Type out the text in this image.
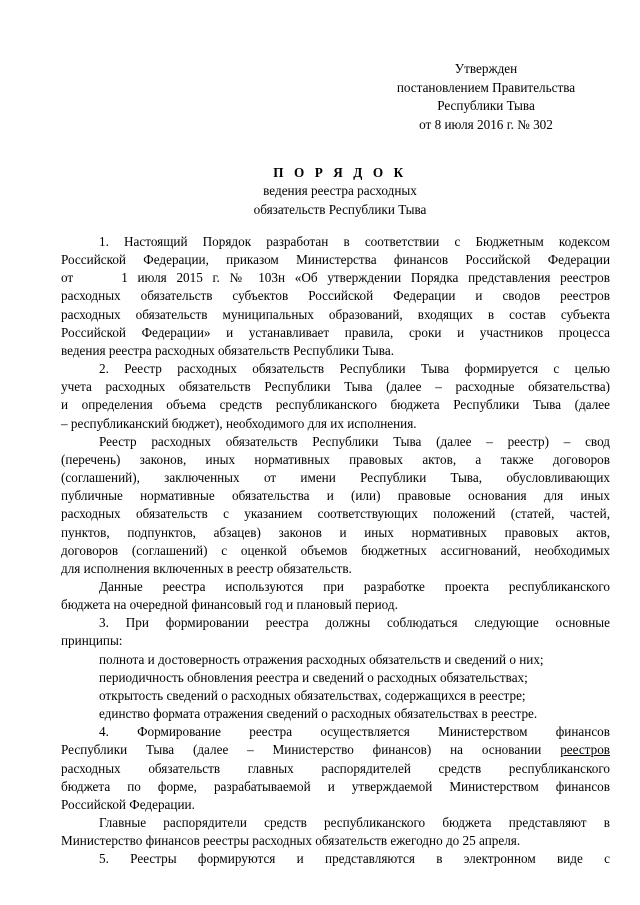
Утвержден
постановлением Правительства
Республики Тыва
от 8 июля 2016 г. № 302
П О Р Я Д О К
ведения реестра расходных
обязательств Республики Тыва
1. Настоящий Порядок разработан в соответствии с Бюджетным кодексом
Российской Федерации, приказом Министерства финансов Российской Федерации
от	1 июля 2015 г. № 103н «Об утверждении Порядка представления реестров
расходных обязательств субъектов Российской Федерации и сводов реестров
расходных обязательств муниципальных образований, входящих в состав субъекта
Российской Федерации» и устанавливает правила, сроки и участников процесса
ведения реестра расходных обязательств Республики Тыва.
2. Реестр расходных обязательств Республики Тыва формируется с целью
учета расходных обязательств Республики Тыва (далее – расходные обязательства)
и определения объема средств республиканского бюджета Республики Тыва (далее
– республиканский бюджет), необходимого для их исполнения.
Реестр расходных обязательств Республики Тыва (далее – реестр) – свод
(перечень) законов, иных нормативных правовых актов, а также договоров
(соглашений), заключенных от имени Республики Тыва, обусловливающих
публичные нормативные обязательства и (или) правовые основания для иных
расходных обязательств с указанием соответствующих положений (статей, частей,
пунктов, подпунктов, абзацев) законов и иных нормативных правовых актов,
договоров (соглашений) с оценкой объемов бюджетных ассигнований, необходимых
для исполнения включенных в реестр обязательств.
Данные реестра используются при разработке проекта республиканского
бюджета на очередной финансовый год и плановый период.
3. При формировании реестра должны соблюдаться следующие основные
принципы:
полнота и достоверность отражения расходных обязательств и сведений о них;
периодичность обновления реестра и сведений о расходных обязательствах;
открытость сведений о расходных обязательствах, содержащихся в реестре;
единство формата отражения сведений о расходных обязательствах в реестре.
4. Формирование реестра осуществляется Министерством финансов
Республики Тыва (далее – Министерство финансов) на основании реестров
расходных обязательств главных распорядителей средств республиканского
бюджета по форме, разрабатываемой и утверждаемой Министерством финансов
Российской Федерации.
Главные распорядители средств республиканского бюджета представляют в
Министерство финансов реестры расходных обязательств ежегодно до 25 апреля.
5. Реестры формируются и представляются в электронном виде с
